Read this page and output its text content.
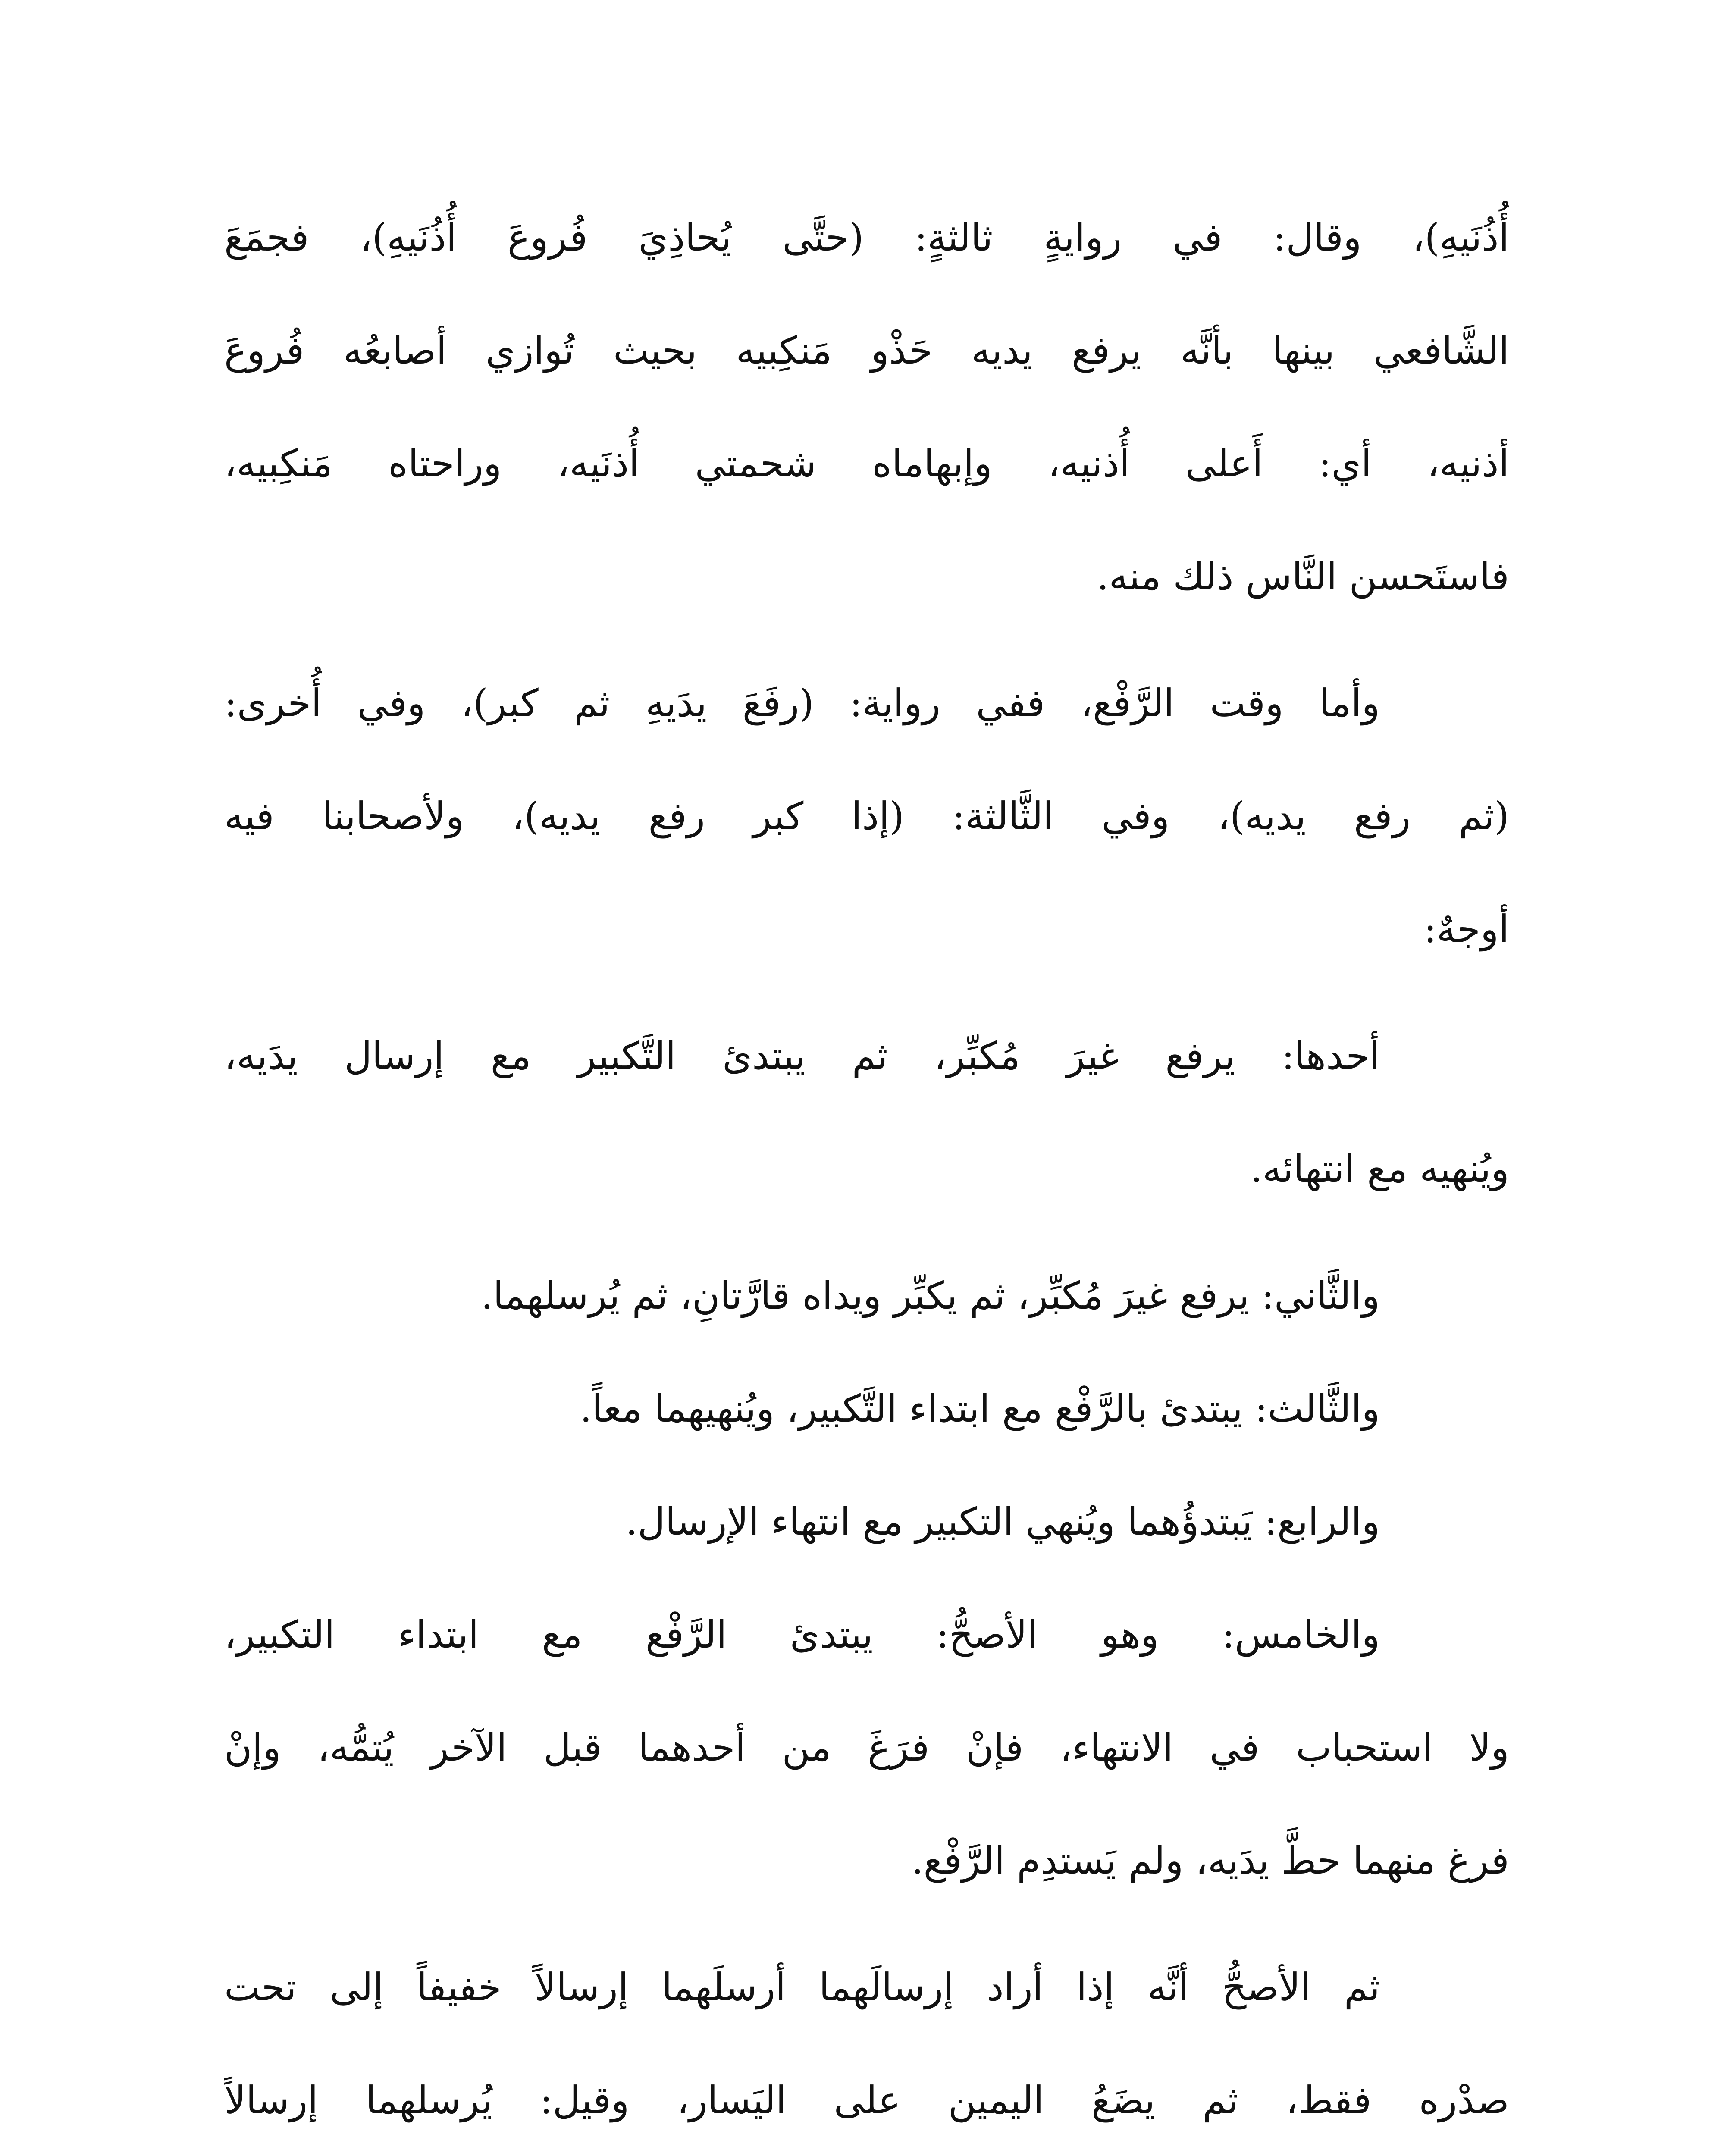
أُذُنَيهِ)، وقال: في روايةٍ ثالثةٍ: (حتَّى يُحاذِيَ فُروعَ أُذُنَيهِ)، فجمَعَ
الشَّافعي بينها بأنَّه يرفع يديه حَذْو مَنكِبيه بحيث تُوازي أصابعُه فُروعَ
أذنيه، أي: أَعلى أُذنيه، وإبهاماه شحمتي أُذنَيه، وراحتاه مَنكِبيه،
فاستَحسن النَّاس ذلك منه.
وأما وقت الرَّفْع، ففي رواية: (رفَعَ يدَيهِ ثم كبر)، وفي أُخرى:
(ثم رفع يديه)، وفي الثَّالثة: (إذا كبر رفع يديه)، ولأصحابنا فيه
أوجهٌ:
أحدها: يرفع غيرَ مُكبِّر، ثم يبتدئ التَّكبير مع إرسال يدَيه،
ويُنهيه مع انتهائه.
والثَّاني: يرفع غيرَ مُكبِّر، ثم يكبِّر ويداه قارَّتانِ، ثم يُرسلهما.
والثَّالث: يبتدئ بالرَّفْع مع ابتداء التَّكبير، ويُنهيهما معاً.
والرابع: يَبتدؤُهما ويُنهي التكبير مع انتهاء الإرسال.
والخامس: وهو الأصحُّ: يبتدئ الرَّفْع مع ابتداء التكبير،
ولا استحباب في الانتهاء، فإنْ فرَغَ من أحدهما قبل الآخر يُتمُّه، وإنْ
فرغ منهما حطَّ يدَيه، ولم يَستدِم الرَّفْع.
ثم الأصحُّ أنَّه إذا أراد إرسالَهما أرسلَهما إرسالاً خفيفاً إلى تحت
صدْره فقط، ثم يضَعُ اليمين على اليَسار، وقيل: يُرسلهما إرسالاً
